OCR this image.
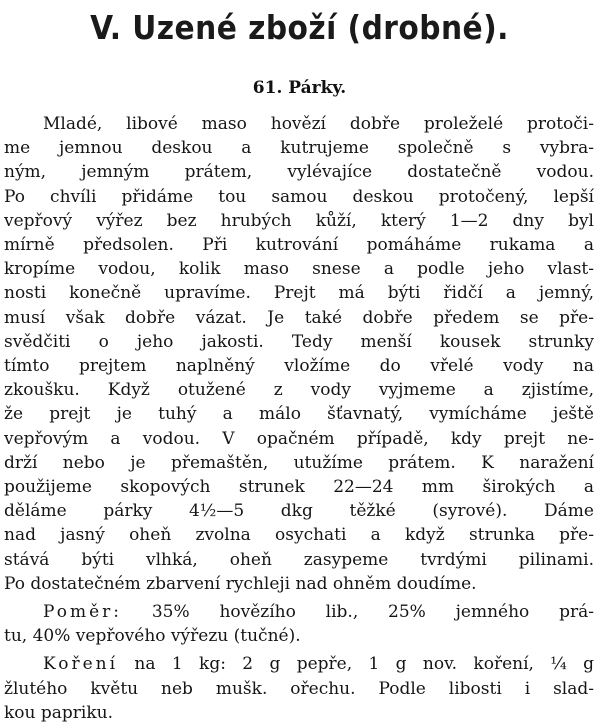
V. Uzené zboží (drobné).
61. Párky.
Mladé, libové maso hovězí dobře proleželé protoči-
me jemnou deskou a kutrujeme společně s vybra-
ným, jemným prátem, vylévajíce dostatečně vodou.
Po chvíli přidáme tou samou deskou protočený, lepší
vepřový výřez bez hrubých kůží, který 1—2 dny byl
mírně předsolen. Při kutrování pomáháme rukama a
kropíme vodou, kolik maso snese a podle jeho vlast-
nosti konečně upravíme. Prejt má býti řidčí a jemný,
musí však dobře vázat. Je také dobře předem se pře-
svědčiti o jeho jakosti. Tedy menší kousek strunky
tímto prejtem naplněný vložíme do vřelé vody na
zkoušku. Když otužené z vody vyjmeme a zjistíme,
že prejt je tuhý a málo šťavnatý, vymícháme ještě
vepřovým a vodou. V opačném případě, kdy prejt ne-
drží nebo je přemaštěn, utužíme prátem. K naražení
použijeme skopových strunek 22—24 mm širokých a
děláme párky 4½—5 dkg těžké (syrové). Dáme
nad jasný oheň zvolna osychati a když strunka pře-
stává býti vlhká, oheň zasypeme tvrdými pilinami.
Po dostatečném zbarvení rychleji nad ohněm doudíme.
Poměr: 35% hovězího lib., 25% jemného prá-
tu, 40% vepřového výřezu (tučné).
Koření na 1 kg: 2 g pepře, 1 g nov. koření, ¼ g
žlutého květu neb mušk. ořechu. Podle libosti i slad-
kou papriku.
